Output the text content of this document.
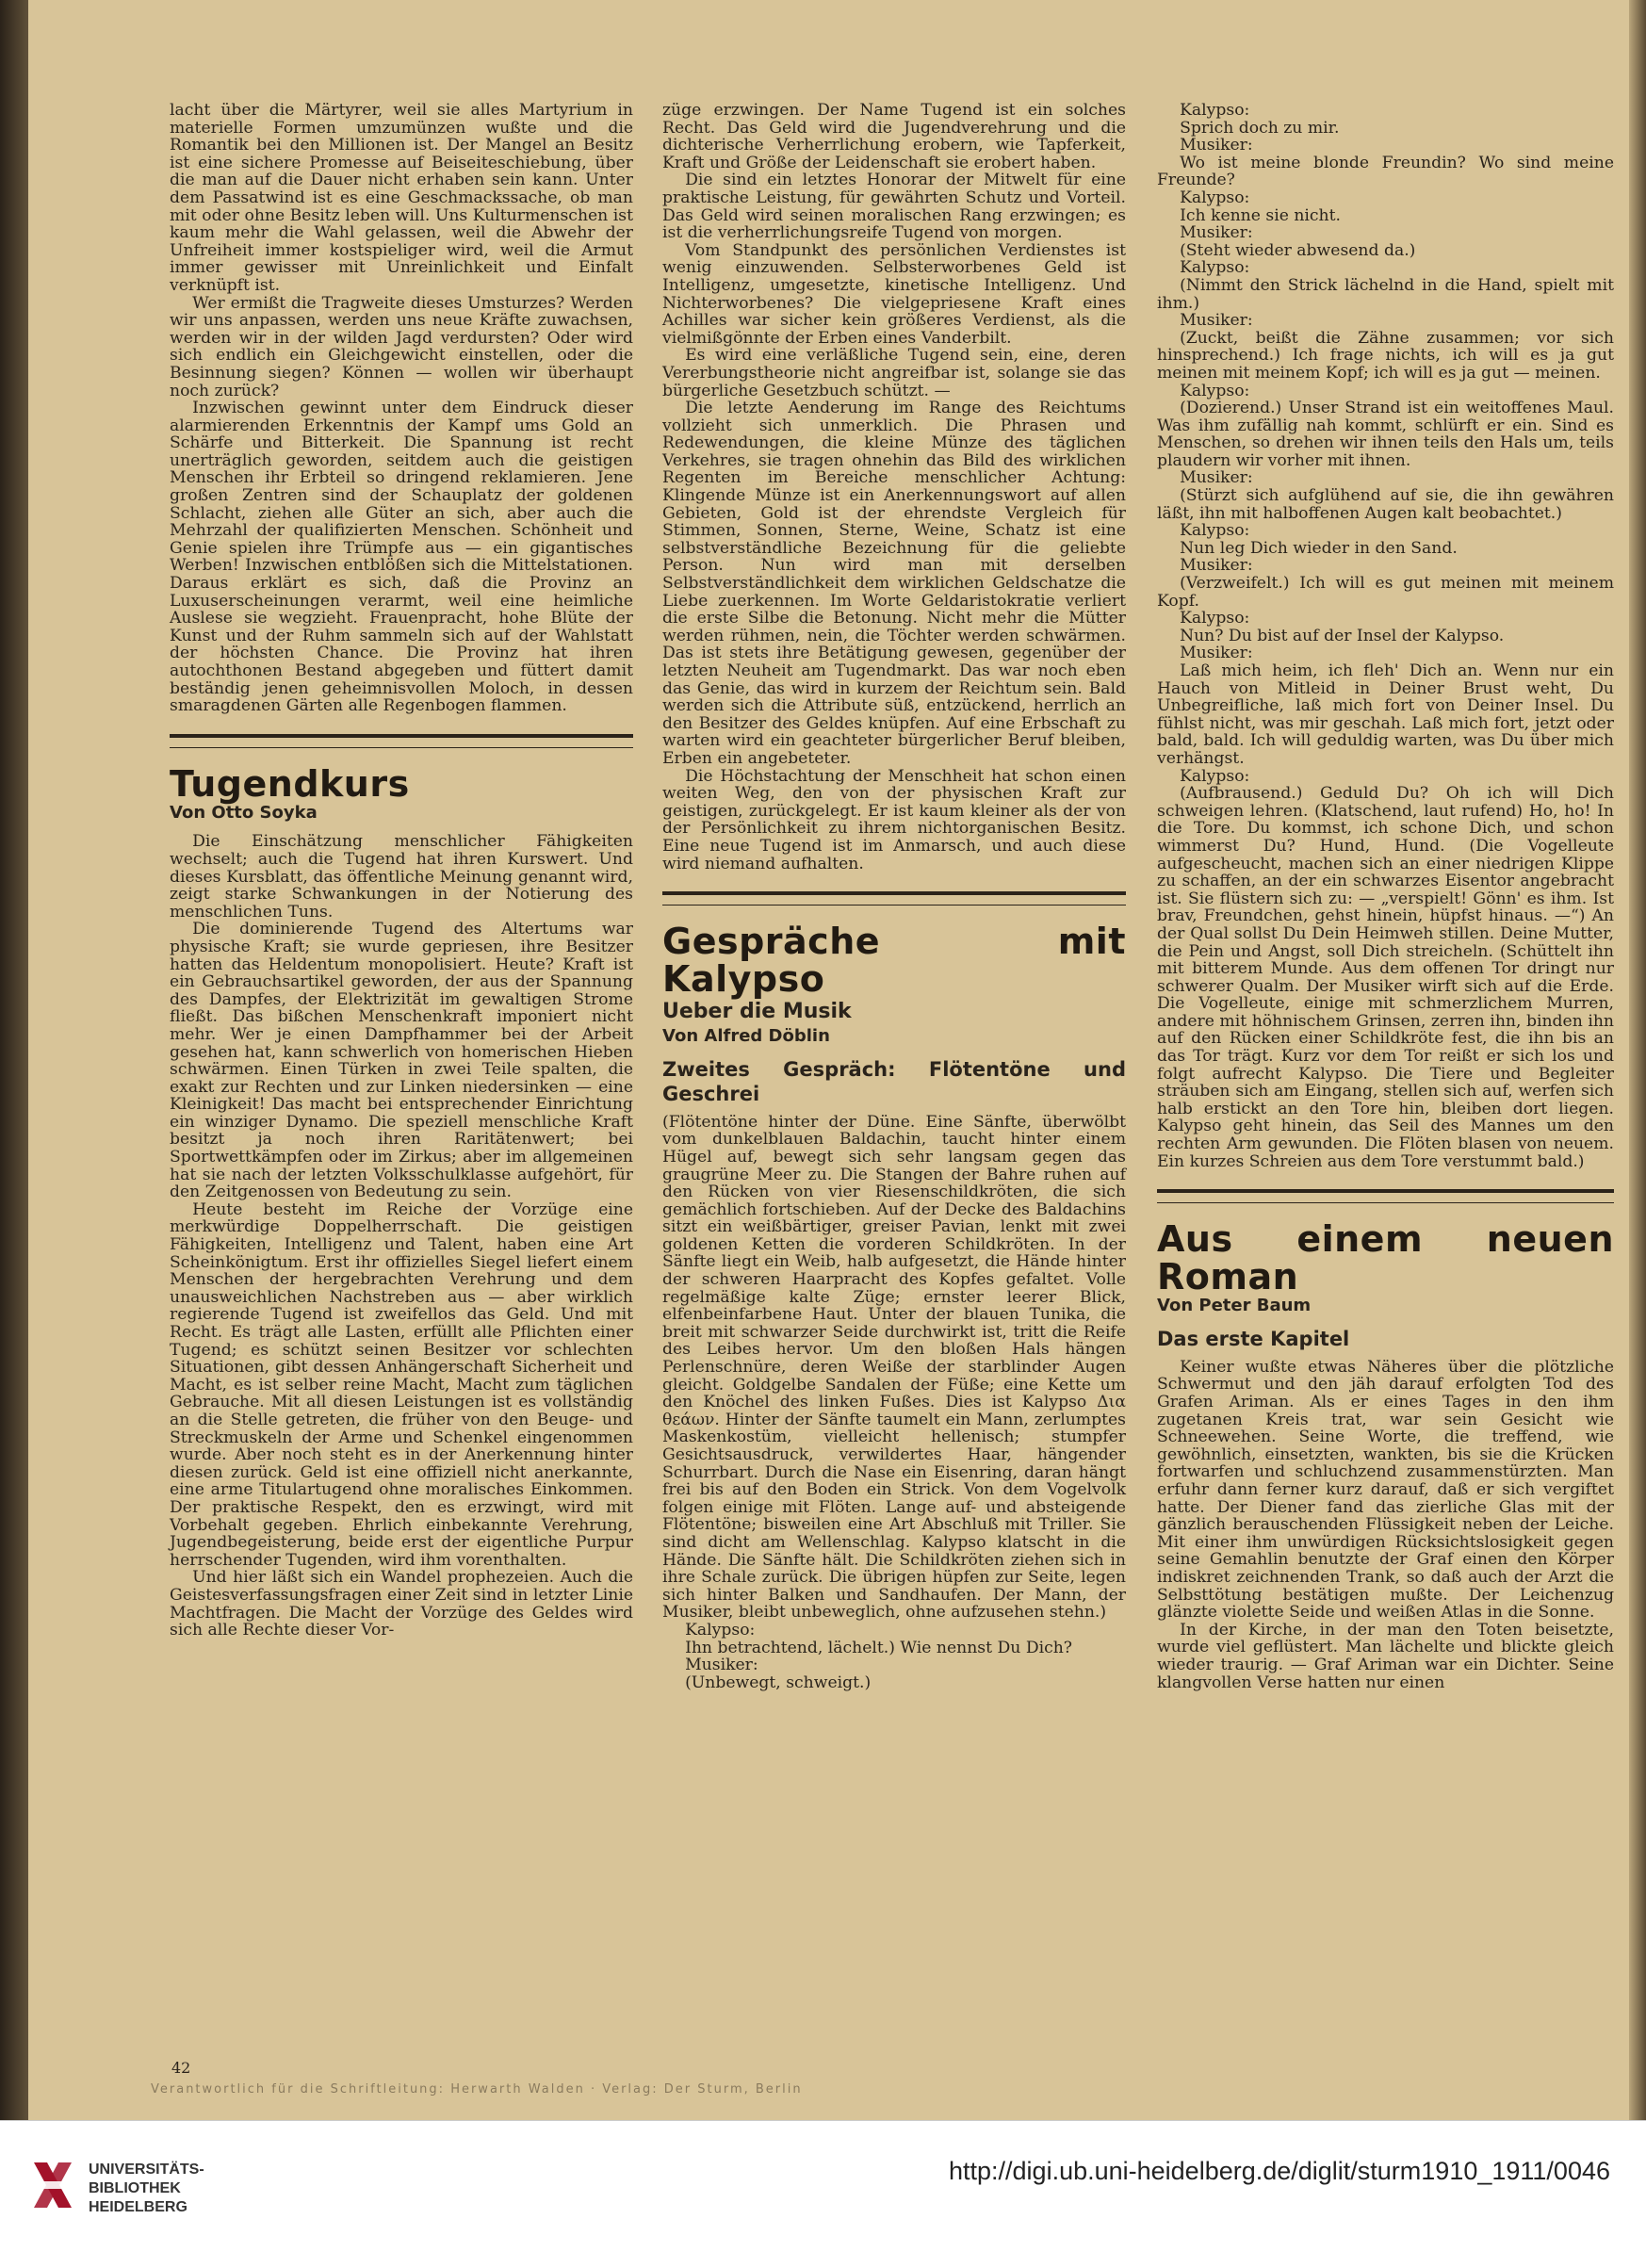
lacht über die Märtyrer, weil sie alles Martyrium in materielle Formen umzumünzen wußte und die Romantik bei den Millionen ist. Der Mangel an Besitz ist eine sichere Promesse auf Beiseiteschiebung, über die man auf die Dauer nicht erhaben sein kann. Unter dem Passatwind ist es eine Geschmackssache, ob man mit oder ohne Besitz leben will. Uns Kulturmenschen ist kaum mehr die Wahl gelassen, weil die Abwehr der Unfreiheit immer kostspieliger wird, weil die Armut immer gewisser mit Unreinlichkeit und Einfalt verknüpft ist.

Wer ermißt die Tragweite dieses Umsturzes? Werden wir uns anpassen, werden uns neue Kräfte zuwachsen, werden wir in der wilden Jagd verdursten? Oder wird sich endlich ein Gleichgewicht einstellen, oder die Besinnung siegen? Können — wollen wir überhaupt noch zurück?

Inzwischen gewinnt unter dem Eindruck dieser alarmierenden Erkenntnis der Kampf ums Gold an Schärfe und Bitterkeit. Die Spannung ist recht unerträglich geworden, seitdem auch die geistigen Menschen ihr Erbteil so dringend reklamieren. Jene großen Zentren sind der Schauplatz der goldenen Schlacht, ziehen alle Güter an sich, aber auch die Mehrzahl der qualifizierten Menschen. Schönheit und Genie spielen ihre Trümpfe aus — ein gigantisches Werben! Inzwischen entblößen sich die Mittelstationen. Daraus erklärt es sich, daß die Provinz an Luxuserscheinungen verarmt, weil eine heimliche Auslese sie wegzieht. Frauenpracht, hohe Blüte der Kunst und der Ruhm sammeln sich auf der Wahlstatt der höchsten Chance. Die Provinz hat ihren autochthonen Bestand abgegeben und füttert damit beständig jenen geheimnisvollen Moloch, in dessen smaragdenen Gärten alle Regenbogen flammen.

Tugendkurs
Von Otto Soyka

Die Einschätzung menschlicher Fähigkeiten wechselt; auch die Tugend hat ihren Kurswert. Und dieses Kursblatt, das öffentliche Meinung genannt wird, zeigt starke Schwankungen in der Notierung des menschlichen Tuns.

Die dominierende Tugend des Altertums war physische Kraft; sie wurde gepriesen, ihre Besitzer hatten das Heldentum monopolisiert. Heute? Kraft ist ein Gebrauchsartikel geworden, der aus der Spannung des Dampfes, der Elektrizität im gewaltigen Strome fließt. Das bißchen Menschenkraft imponiert nicht mehr. Wer je einen Dampfhammer bei der Arbeit gesehen hat, kann schwerlich von homerischen Hieben schwärmen. Einen Türken in zwei Teile spalten, die exakt zur Rechten und zur Linken niedersinken — eine Kleinigkeit! Das macht bei entsprechender Einrichtung ein winziger Dynamo. Die speziell menschliche Kraft besitzt ja noch ihren Raritätenwert; bei Sportwettkämpfen oder im Zirkus; aber im allgemeinen hat sie nach der letzten Volksschulklasse aufgehört, für den Zeitgenossen von Bedeutung zu sein.

Heute besteht im Reiche der Vorzüge eine merkwürdige Doppelherrschaft. Die geistigen Fähigkeiten, Intelligenz und Talent, haben eine Art Scheinkönigtum. Erst ihr offizielles Siegel liefert einem Menschen der hergebrachten Verehrung und dem unausweichlichen Nachstreben aus — aber wirklich regierende Tugend ist zweifellos das Geld. Und mit Recht. Es trägt alle Lasten, erfüllt alle Pflichten einer Tugend; es schützt seinen Besitzer vor schlechten Situationen, gibt dessen Anhängerschaft Sicherheit und Macht, es ist selber reine Macht, Macht zum täglichen Gebrauche. Mit all diesen Leistungen ist es vollständig an die Stelle getreten, die früher von den Beuge- und Streckmuskeln der Arme und Schenkel eingenommen wurde. Aber noch steht es in der Anerkennung hinter diesen zurück. Geld ist eine offiziell nicht anerkannte, eine arme Titulartugend ohne moralisches Einkommen. Der praktische Respekt, den es erzwingt, wird mit Vorbehalt gegeben. Ehrlich einbekannte Verehrung, Jugendbegeisterung, beide erst der eigentliche Purpur herrschender Tugenden, wird ihm vorenthalten.

Und hier läßt sich ein Wandel prophezeien. Auch die Geistesverfassungsfragen einer Zeit sind in letzter Linie Machtfragen. Die Macht der Vorzüge des Geldes wird sich alle Rechte dieser Vor-

züge erzwingen. Der Name Tugend ist ein solches Recht. Das Geld wird die Jugendverehrung und die dichterische Verherrlichung erobern, wie Tapferkeit, Kraft und Größe der Leidenschaft sie erobert haben.

Die sind ein letztes Honorar der Mitwelt für eine praktische Leistung, für gewährten Schutz und Vorteil. Das Geld wird seinen moralischen Rang erzwingen; es ist die verherrlichungsreife Tugend von morgen.

Vom Standpunkt des persönlichen Verdienstes ist wenig einzuwenden. Selbsterworbenes Geld ist Intelligenz, umgesetzte, kinetische Intelligenz. Und Nichterworbenes? Die vielgepriesene Kraft eines Achilles war sicher kein größeres Verdienst, als die vielmißgönnte der Erben eines Vanderbilt.

Es wird eine verläßliche Tugend sein, eine, deren Vererbungstheorie nicht angreifbar ist, solange sie das bürgerliche Gesetzbuch schützt. —

Die letzte Aenderung im Range des Reichtums vollzieht sich unmerklich. Die Phrasen und Redewendungen, die kleine Münze des täglichen Verkehres, sie tragen ohnehin das Bild des wirklichen Regenten im Bereiche menschlicher Achtung: Klingende Münze ist ein Anerkennungswort auf allen Gebieten, Gold ist der ehrendste Vergleich für Stimmen, Sonnen, Sterne, Weine, Schatz ist eine selbstverständliche Bezeichnung für die geliebte Person. Nun wird man mit derselben Selbstverständlichkeit dem wirklichen Geldschatze die Liebe zuerkennen. Im Worte Geldaristokratie verliert die erste Silbe die Betonung. Nicht mehr die Mütter werden rühmen, nein, die Töchter werden schwärmen. Das ist stets ihre Betätigung gewesen, gegenüber der letzten Neuheit am Tugendmarkt. Das war noch eben das Genie, das wird in kurzem der Reichtum sein. Bald werden sich die Attribute süß, entzückend, herrlich an den Besitzer des Geldes knüpfen. Auf eine Erbschaft zu warten wird ein geachteter bürgerlicher Beruf bleiben, Erben ein angebeteter.

Die Höchstachtung der Menschheit hat schon einen weiten Weg, den von der physischen Kraft zur geistigen, zurückgelegt. Er ist kaum kleiner als der von der Persönlichkeit zu ihrem nichtorganischen Besitz. Eine neue Tugend ist im Anmarsch, und auch diese wird niemand aufhalten.

Gespräche mit Kalypso
Ueber die Musik
Von Alfred Döblin
Zweites Gespräch: Flötentöne und Geschrei

(Flötentöne hinter der Düne. Eine Sänfte, überwölbt vom dunkelblauen Baldachin, taucht hinter einem Hügel auf, bewegt sich sehr langsam gegen das graugrüne Meer zu. Die Stangen der Bahre ruhen auf den Rücken von vier Riesenschildkröten, die sich gemächlich fortschieben. Auf der Decke des Baldachins sitzt ein weißbärtiger, greiser Pavian, lenkt mit zwei goldenen Ketten die vorderen Schildkröten. In der Sänfte liegt ein Weib, halb aufgesetzt, die Hände hinter der schweren Haarpracht des Kopfes gefaltet. Volle regelmäßige kalte Züge; ernster leerer Blick, elfenbeinfarbene Haut. Unter der blauen Tunika, die breit mit schwarzer Seide durchwirkt ist, tritt die Reife des Leibes hervor. Um den bloßen Hals hängen Perlenschnüre, deren Weiße der starblinder Augen gleicht. Goldgelbe Sandalen der Füße; eine Kette um den Knöchel des linken Fußes. Dies ist Kalypso Δια θεάων. Hinter der Sänfte taumelt ein Mann, zerlumptes Maskenkostüm, vielleicht hellenisch; stumpfer Gesichtsausdruck, verwildertes Haar, hängender Schurrbart. Durch die Nase ein Eisenring, daran hängt frei bis auf den Boden ein Strick. Von dem Vogelvolk folgen einige mit Flöten. Lange auf- und absteigende Flötentöne; bisweilen eine Art Abschluß mit Triller. Sie sind dicht am Wellenschlag. Kalypso klatscht in die Hände. Die Sänfte hält. Die Schildkröten ziehen sich in ihre Schale zurück. Die übrigen hüpfen zur Seite, legen sich hinter Balken und Sandhaufen. Der Mann, der Musiker, bleibt unbeweglich, ohne aufzusehen stehn.)

Kalypso:

Ihn betrachtend, lächelt.) Wie nennst Du Dich?

Musiker:

(Unbewegt, schweigt.)

Kalypso:

Sprich doch zu mir.

Musiker:

Wo ist meine blonde Freundin? Wo sind meine Freunde?

Kalypso:

Ich kenne sie nicht.

Musiker:

(Steht wieder abwesend da.)

Kalypso:

(Nimmt den Strick lächelnd in die Hand, spielt mit ihm.)

Musiker:

(Zuckt, beißt die Zähne zusammen; vor sich hinsprechend.) Ich frage nichts, ich will es ja gut meinen mit meinem Kopf; ich will es ja gut — meinen.

Kalypso:

(Dozierend.) Unser Strand ist ein weitoffenes Maul. Was ihm zufällig nah kommt, schlürft er ein. Sind es Menschen, so drehen wir ihnen teils den Hals um, teils plaudern wir vorher mit ihnen.

Musiker:

(Stürzt sich aufglühend auf sie, die ihn gewähren läßt, ihn mit halboffenen Augen kalt beobachtet.)

Kalypso:

Nun leg Dich wieder in den Sand.

Musiker:

(Verzweifelt.) Ich will es gut meinen mit meinem Kopf.

Kalypso:

Nun? Du bist auf der Insel der Kalypso.

Musiker:

Laß mich heim, ich fleh' Dich an. Wenn nur ein Hauch von Mitleid in Deiner Brust weht, Du Unbegreifliche, laß mich fort von Deiner Insel. Du fühlst nicht, was mir geschah. Laß mich fort, jetzt oder bald, bald. Ich will geduldig warten, was Du über mich verhängst.

Kalypso:

(Aufbrausend.) Geduld Du? Oh ich will Dich schweigen lehren. (Klatschend, laut rufend) Ho, ho! In die Tore. Du kommst, ich schone Dich, und schon wimmerst Du? Hund, Hund. (Die Vogelleute aufgescheucht, machen sich an einer niedrigen Klippe zu schaffen, an der ein schwarzes Eisentor angebracht ist. Sie flüstern sich zu: — „verspielt! Gönn' es ihm. Ist brav, Freundchen, gehst hinein, hüpfst hinaus. —“) An der Qual sollst Du Dein Heimweh stillen. Deine Mutter, die Pein und Angst, soll Dich streicheln. (Schüttelt ihn mit bitterem Munde. Aus dem offenen Tor dringt nur schwerer Qualm. Der Musiker wirft sich auf die Erde. Die Vogelleute, einige mit schmerzlichem Murren, andere mit höhnischem Grinsen, zerren ihn, binden ihn auf den Rücken einer Schildkröte fest, die ihn bis an das Tor trägt. Kurz vor dem Tor reißt er sich los und folgt aufrecht Kalypso. Die Tiere und Begleiter sträuben sich am Eingang, stellen sich auf, werfen sich halb erstickt an den Tore hin, bleiben dort liegen. Kalypso geht hinein, das Seil des Mannes um den rechten Arm gewunden. Die Flöten blasen von neuem. Ein kurzes Schreien aus dem Tore verstummt bald.)

Aus einem neuen Roman
Von Peter Baum
Das erste Kapitel

Keiner wußte etwas Näheres über die plötzliche Schwermut und den jäh darauf erfolgten Tod des Grafen Ariman. Als er eines Tages in den ihm zugetanen Kreis trat, war sein Gesicht wie Schneewehen. Seine Worte, die treffend, wie gewöhnlich, einsetzten, wankten, bis sie die Krücken fortwarfen und schluchzend zusammenstürzten. Man erfuhr dann ferner kurz darauf, daß er sich vergiftet hatte. Der Diener fand das zierliche Glas mit der gänzlich berauschenden Flüssigkeit neben der Leiche. Mit einer ihm unwürdigen Rücksichtslosigkeit gegen seine Gemahlin benutzte der Graf einen den Körper indiskret zeichnenden Trank, so daß auch der Arzt die Selbsttötung bestätigen mußte. Der Leichenzug glänzte violette Seide und weißen Atlas in die Sonne.

In der Kirche, in der man den Toten beisetzte, wurde viel geflüstert. Man lächelte und blickte gleich wieder traurig. — Graf Ariman war ein Dichter. Seine klangvollen Verse hatten nur einen

42
Verantwortlich für die Schriftleitung: Herwarth Walden · Verlag: Der Sturm, Berlin
UNIVERSITÄTS-
BIBLIOTHEK
HEIDELBERG
http://digi.ub.uni-heidelberg.de/diglit/sturm1910_1911/0046
